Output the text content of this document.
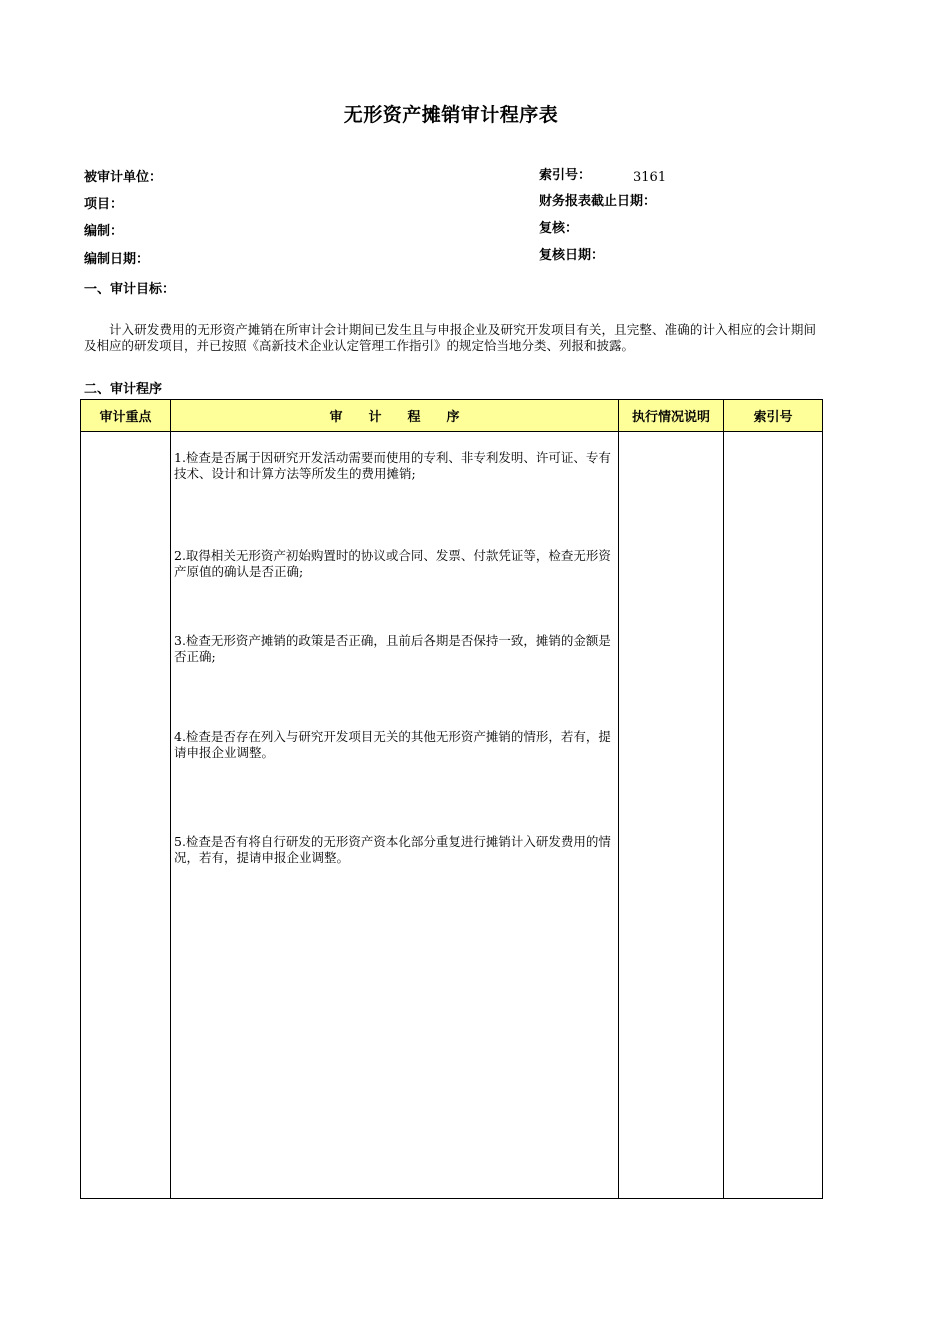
无形资产摊销审计程序表
被审计单位：
项目：
编制：
编制日期：
索引号：	3161
财务报表截止日期：
复核：
复核日期：
一、审计目标：
计入研发费用的无形资产摊销在所审计会计期间已发生且与申报企业及研究开发项目有关，且完整、准确的计入相应的会计期间及相应的研发项目，并已按照《高新技术企业认定管理工作指引》的规定恰当地分类、列报和披露。
二、审计程序
审计重点	审　　计　　程　　序	执行情况说明	索引号

	1.检查是否属于因研究开发活动需要而使用的专利、非专利发明、许可证、专有技术、设计和计算方法等所发生的费用摊销;
2.取得相关无形资产初始购置时的协议或合同、发票、付款凭证等，检查无形资产原值的确认是否正确;
3.检查无形资产摊销的政策是否正确，且前后各期是否保持一致，摊销的金额是否正确;
4.检查是否存在列入与研究开发项目无关的其他无形资产摊销的情形，若有，提请申报企业调整。
5.检查是否有将自行研发的无形资产资本化部分重复进行摊销计入研发费用的情况，若有，提请申报企业调整。		
